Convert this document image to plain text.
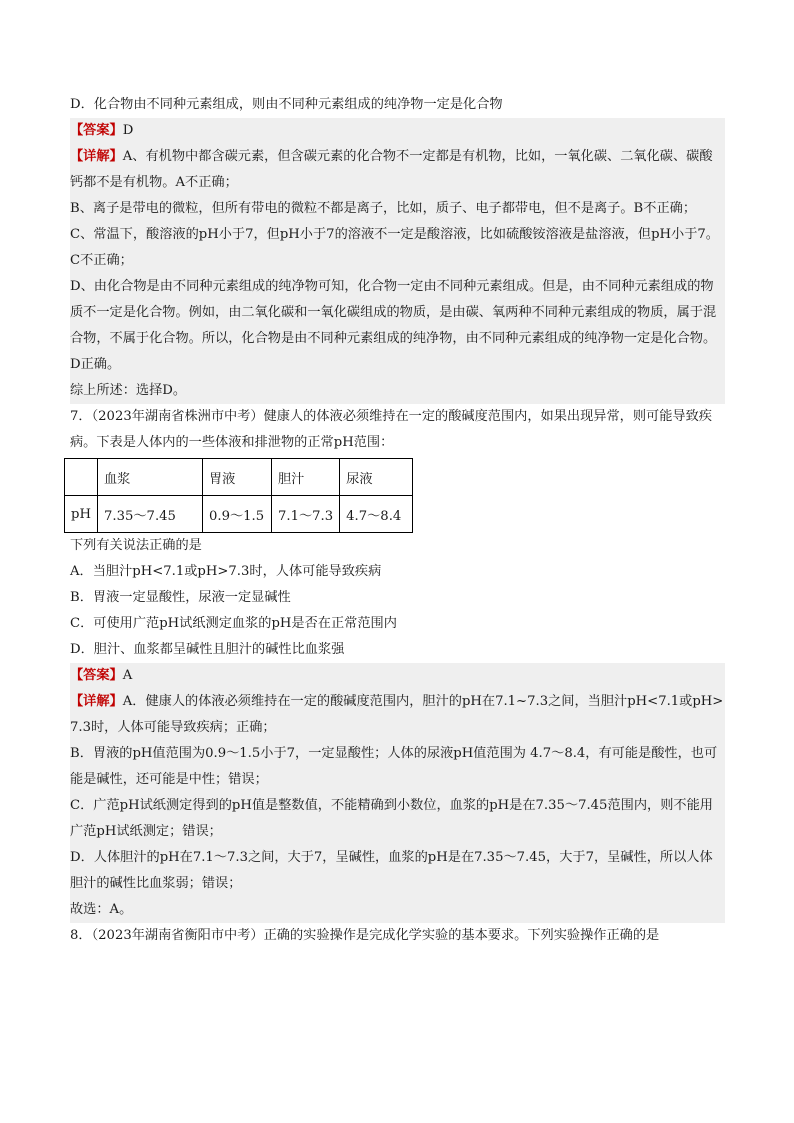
D．化合物由不同种元素组成，则由不同种元素组成的纯净物一定是化合物

【答案】D

【详解】A、有机物中都含碳元素，但含碳元素的化合物不一定都是有机物，比如，一氧化碳、二氧化碳、碳酸钙都不是有机物。A不正确；

B、离子是带电的微粒，但所有带电的微粒不都是离子，比如，质子、电子都带电，但不是离子。B不正确；

C、常温下，酸溶液的pH小于7，但pH小于7的溶液不一定是酸溶液，比如硫酸铵溶液是盐溶液，但pH小于7。C不正确；

D、由化合物是由不同种元素组成的纯净物可知，化合物一定由不同种元素组成。但是，由不同种元素组成的物质不一定是化合物。例如，由二氧化碳和一氧化碳组成的物质，是由碳、氧两种不同种元素组成的物质，属于混合物，不属于化合物。所以，化合物是由不同种元素组成的纯净物，由不同种元素组成的纯净物一定是化合物。D正确。

综上所述：选择D。

7．（2023年湖南省株洲市中考）健康人的体液必须维持在一定的酸碱度范围内，如果出现异常，则可能导致疾病。下表是人体内的一些体液和排泄物的正常pH范围：

	血浆	胃液	胆汁	尿液
pH	7.35～7.45	0.9～1.5	7.1～7.3	4.7～8.4

下列有关说法正确的是

A．当胆汁pH<7.1或pH>7.3时，人体可能导致疾病

B．胃液一定显酸性，尿液一定显碱性

C．可使用广范pH试纸测定血浆的pH是否在正常范围内

D．胆汁、血浆都呈碱性且胆汁的碱性比血浆强

【答案】A

【详解】A．健康人的体液必须维持在一定的酸碱度范围内，胆汁的pH在7.1~7.3之间，当胆汁pH<7.1或pH>7.3时，人体可能导致疾病；正确；

B．胃液的pH值范围为0.9～1.5小于7，一定显酸性；人体的尿液pH值范围为 4.7～8.4，有可能是酸性，也可能是碱性，还可能是中性；错误；

C．广范pH试纸测定得到的pH值是整数值，不能精确到小数位，血浆的pH是在7.35～7.45范围内，则不能用广范pH试纸测定；错误；

D．人体胆汁的pH在7.1～7.3之间，大于7，呈碱性，血浆的pH是在7.35～7.45，大于7，呈碱性，所以人体胆汁的碱性比血浆弱；错误；

故选：A。

8．（2023年湖南省衡阳市中考）正确的实验操作是完成化学实验的基本要求。下列实验操作正确的是
